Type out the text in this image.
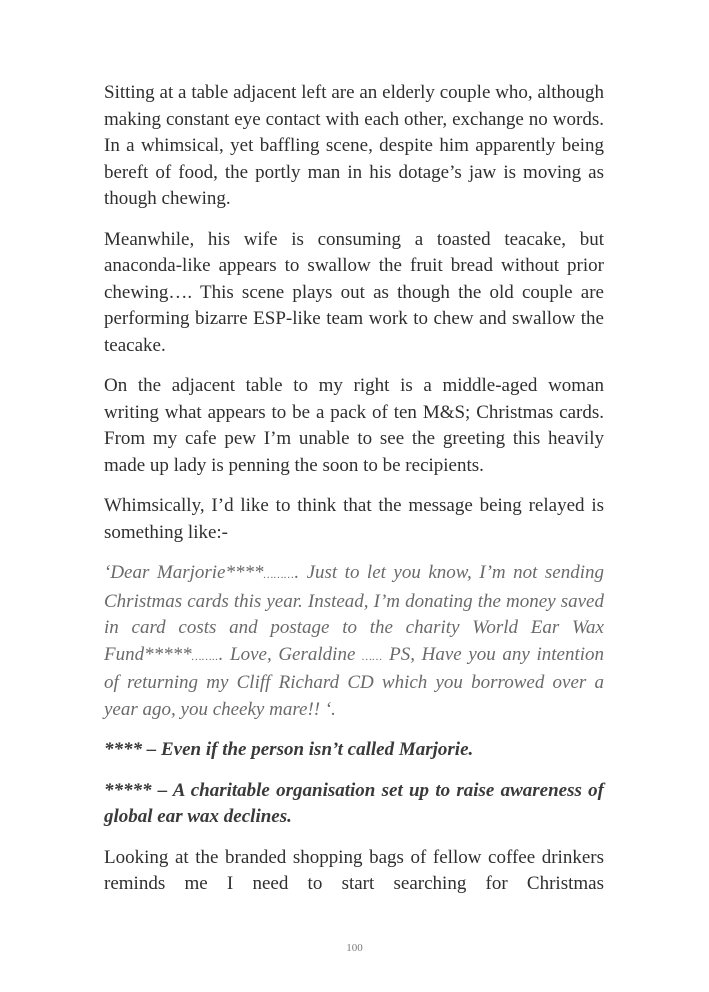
Sitting at a table adjacent left are an elderly couple who, although making constant eye contact with each other, exchange no words. In a whimsical, yet baffling scene, despite him apparently being bereft of food, the portly man in his dotage’s jaw is moving as though chewing.

Meanwhile, his wife is consuming a toasted teacake, but anaconda-like appears to swallow the fruit bread without prior chewing…. This scene plays out as though the old couple are performing bizarre ESP-like team work to chew and swallow the teacake.

On the adjacent table to my right is a middle-aged woman writing what appears to be a pack of ten M&S; Christmas cards. From my cafe pew I’m unable to see the greeting this heavily made up lady is penning the soon to be recipients.

Whimsically, I’d like to think that the message being relayed is something like:-

‘Dear Marjorie****………. Just to let you know, I’m not sending Christmas cards this year. Instead, I’m donating the money saved in card costs and postage to the charity World Ear Wax Fund*****……... Love, Geraldine …… PS, Have you any intention of returning my Cliff Richard CD which you borrowed over a year ago, you cheeky mare!! ‘.

**** – Even if the person isn’t called Marjorie.

***** – A charitable organisation set up to raise awareness of global ear wax declines.

Looking at the branded shopping bags of fellow coffee drinkers reminds me I need to start searching for Christmas

100
